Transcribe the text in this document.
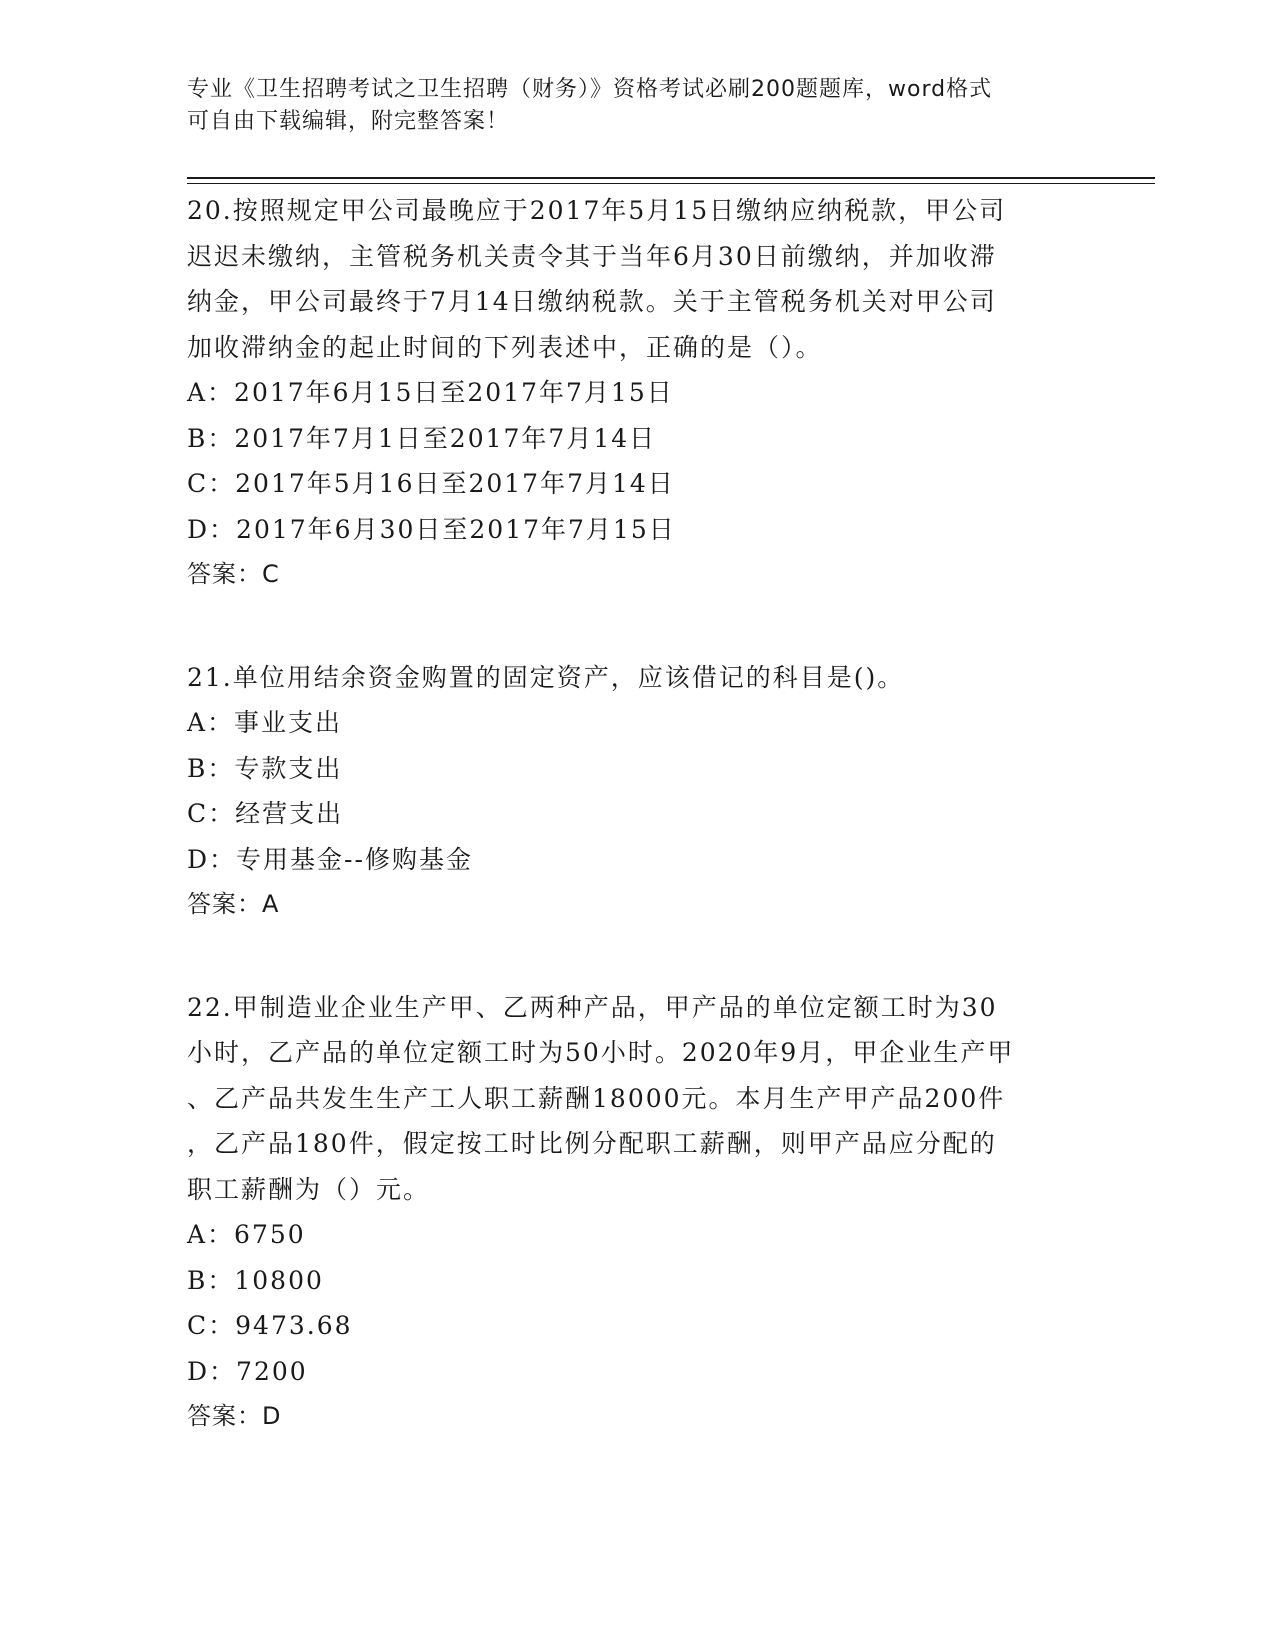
专业《卫生招聘考试之卫生招聘（财务）》资格考试必刷200题题库，word格式
可自由下载编辑，附完整答案！
20.按照规定甲公司最晚应于2017年5月15日缴纳应纳税款，甲公司
迟迟未缴纳，主管税务机关责令其于当年6月30日前缴纳，并加收滞
纳金，甲公司最终于7月14日缴纳税款。关于主管税务机关对甲公司
加收滞纳金的起止时间的下列表述中，正确的是（）。
A：2017年6月15日至2017年7月15日
B：2017年7月1日至2017年7月14日
C：2017年5月16日至2017年7月14日
D：2017年6月30日至2017年7月15日
答案：C
21.单位用结余资金购置的固定资产，应该借记的科目是()。
A：事业支出
B：专款支出
C：经营支出
D：专用基金--修购基金
答案：A
22.甲制造业企业生产甲、乙两种产品，甲产品的单位定额工时为30
小时，乙产品的单位定额工时为50小时。2020年9月，甲企业生产甲
、乙产品共发生生产工人职工薪酬18000元。本月生产甲产品200件
，乙产品180件，假定按工时比例分配职工薪酬，则甲产品应分配的
职工薪酬为（）元。
A：6750
B：10800
C：9473.68
D：7200
答案：D
